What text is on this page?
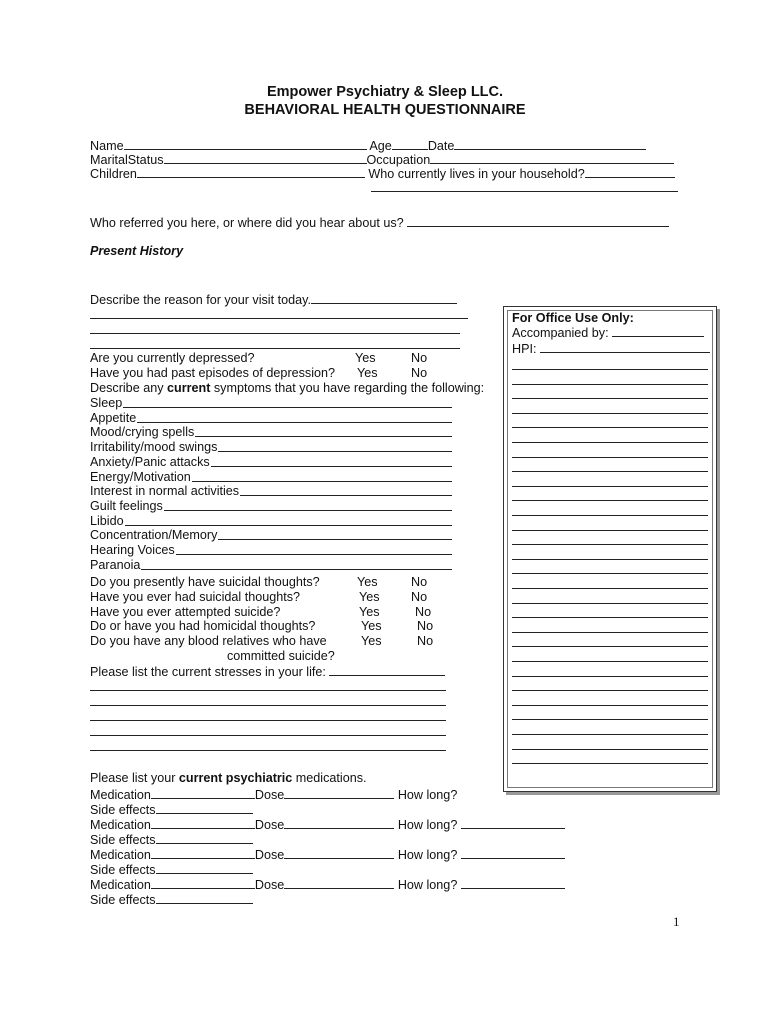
Empower Psychiatry & Sleep LLC.
BEHAVIORAL HEALTH QUESTIONNAIRE
Name	Age	Date
MaritalStatus	Occupation
Children	Who currently lives in your household?
Who referred you here, or where did you hear about us?
Present History
Describe the reason for your visit today.
For Office Use Only:
Accompanied by:
HPI:
Are you currently depressed?	Yes	No
Have you had past episodes of depression? Yes	No
Describe any current symptoms that you have regarding the following:
Sleep
Appetite
Mood/crying spells
Irritability/mood swings
Anxiety/Panic attacks
Energy/Motivation
Interest in normal activities
Guilt feelings
Libido
Concentration/Memory
Hearing Voices
Paranoia
Do you presently have suicidal thoughts?	Yes	No
Have you ever had suicidal thoughts?	Yes No
Have you ever attempted suicide?	Yes	No
Do or have you had homicidal thoughts?	Yes	No
Do you have any blood relatives who have	Yes	No
committed suicide?
Please list the current stresses in your life:
Please list your current psychiatric medications.
Medication	Dose	How long?
Side effects
Medication	Dose	How long?
Side effects
Medication	Dose	How long?
Side effects
Medication	Dose	How long?
Side effects
1
